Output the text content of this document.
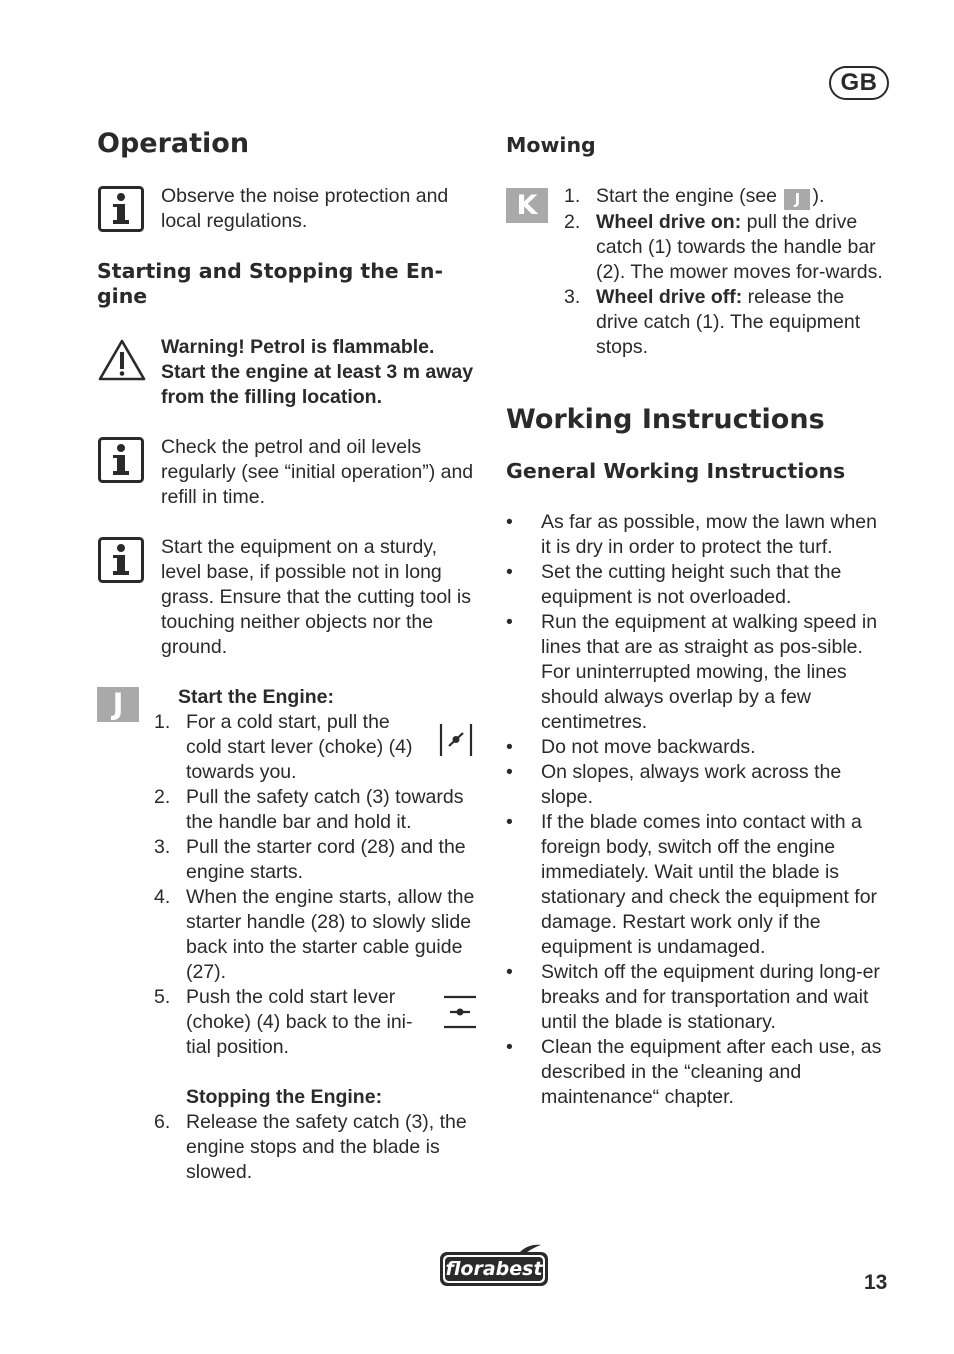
GB
Operation
Observe the noise protection and local regulations.
Starting and Stopping the En-gine
Warning! Petrol is flammable. Start the engine at least 3 m away from the filling location.
Check the petrol and oil levels regularly (see “initial operation”) and refill in time.
Start the equipment on a sturdy, level base, if possible not in long grass. Ensure that the cutting tool is touching neither objects nor the ground.
J	Start the Engine:
1. For a cold start, pull the cold start lever (choke) (4) towards you.
2. Pull the safety catch (3) towards the handle bar and hold it.
3. Pull the starter cord (28) and the engine starts.
4. When the engine starts, allow the starter handle (28) to slowly slide back into the starter cable guide (27).
5. Push the cold start lever (choke) (4) back to the ini-tial position.
Stopping the Engine:
6. Release the safety catch (3), the engine stops and the blade is slowed.
Mowing
K	1. Start the engine (see J ).
2. Wheel drive on: pull the drive catch (1) towards the handle bar (2). The mower moves for-wards.
3. Wheel drive off: release the drive catch (1). The equipment stops.
Working Instructions
General Working Instructions
• As far as possible, mow the lawn when it is dry in order to protect the turf.
• Set the cutting height such that the equipment is not overloaded.
• Run the equipment at walking speed in lines that are as straight as pos-sible. For uninterrupted mowing, the lines should always overlap by a few centimetres.
• Do not move backwards.
• On slopes, always work across the slope.
• If the blade comes into contact with a foreign body, switch off the engine immediately. Wait until the blade is stationary and check the equipment for damage. Restart work only if the equipment is undamaged.
• Switch off the equipment during long-er breaks and for transportation and wait until the blade is stationary.
• Clean the equipment after each use, as described in the “cleaning and maintenance“ chapter.
florabest
13
